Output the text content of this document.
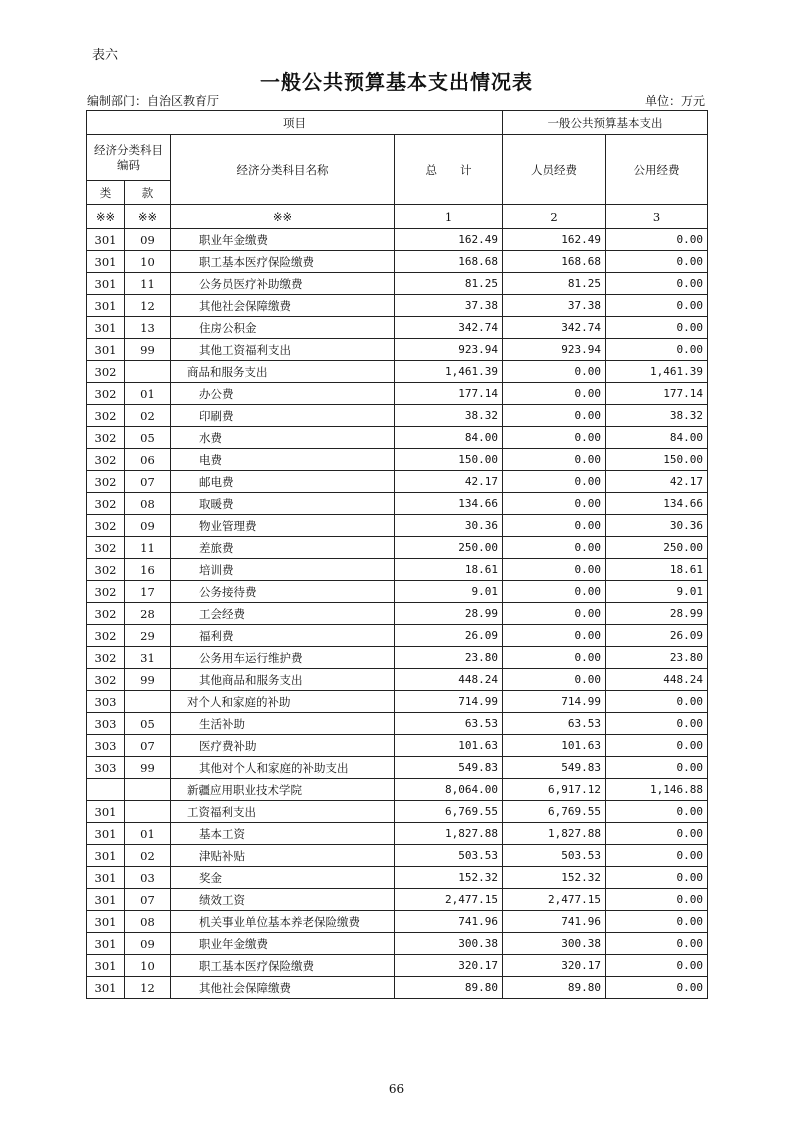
表六
一般公共预算基本支出情况表
编制部门：自治区教育厅	单位：万元
项目				一般公共预算基本支出	
经济分类科目编码		经济分类科目名称	总　　计	人员经费	公用经费
类	款				
※※	※※	※※	1	2	3
301	09	职业年金缴费	162.49	162.49	0.00
301	10	职工基本医疗保险缴费	168.68	168.68	0.00
301	11	公务员医疗补助缴费	81.25	81.25	0.00
301	12	其他社会保障缴费	37.38	37.38	0.00
301	13	住房公积金	342.74	342.74	0.00
301	99	其他工资福利支出	923.94	923.94	0.00
302		商品和服务支出	1,461.39	0.00	1,461.39
302	01	办公费	177.14	0.00	177.14
302	02	印刷费	38.32	0.00	38.32
302	05	水费	84.00	0.00	84.00
302	06	电费	150.00	0.00	150.00
302	07	邮电费	42.17	0.00	42.17
302	08	取暖费	134.66	0.00	134.66
302	09	物业管理费	30.36	0.00	30.36
302	11	差旅费	250.00	0.00	250.00
302	16	培训费	18.61	0.00	18.61
302	17	公务接待费	9.01	0.00	9.01
302	28	工会经费	28.99	0.00	28.99
302	29	福利费	26.09	0.00	26.09
302	31	公务用车运行维护费	23.80	0.00	23.80
302	99	其他商品和服务支出	448.24	0.00	448.24
303		对个人和家庭的补助	714.99	714.99	0.00
303	05	生活补助	63.53	63.53	0.00
303	07	医疗费补助	101.63	101.63	0.00
303	99	其他对个人和家庭的补助支出	549.83	549.83	0.00
		新疆应用职业技术学院	8,064.00	6,917.12	1,146.88
301		工资福利支出	6,769.55	6,769.55	0.00
301	01	基本工资	1,827.88	1,827.88	0.00
301	02	津贴补贴	503.53	503.53	0.00
301	03	奖金	152.32	152.32	0.00
301	07	绩效工资	2,477.15	2,477.15	0.00
301	08	机关事业单位基本养老保险缴费	741.96	741.96	0.00
301	09	职业年金缴费	300.38	300.38	0.00
301	10	职工基本医疗保险缴费	320.17	320.17	0.00
301	12	其他社会保障缴费	89.80	89.80	0.00
66
